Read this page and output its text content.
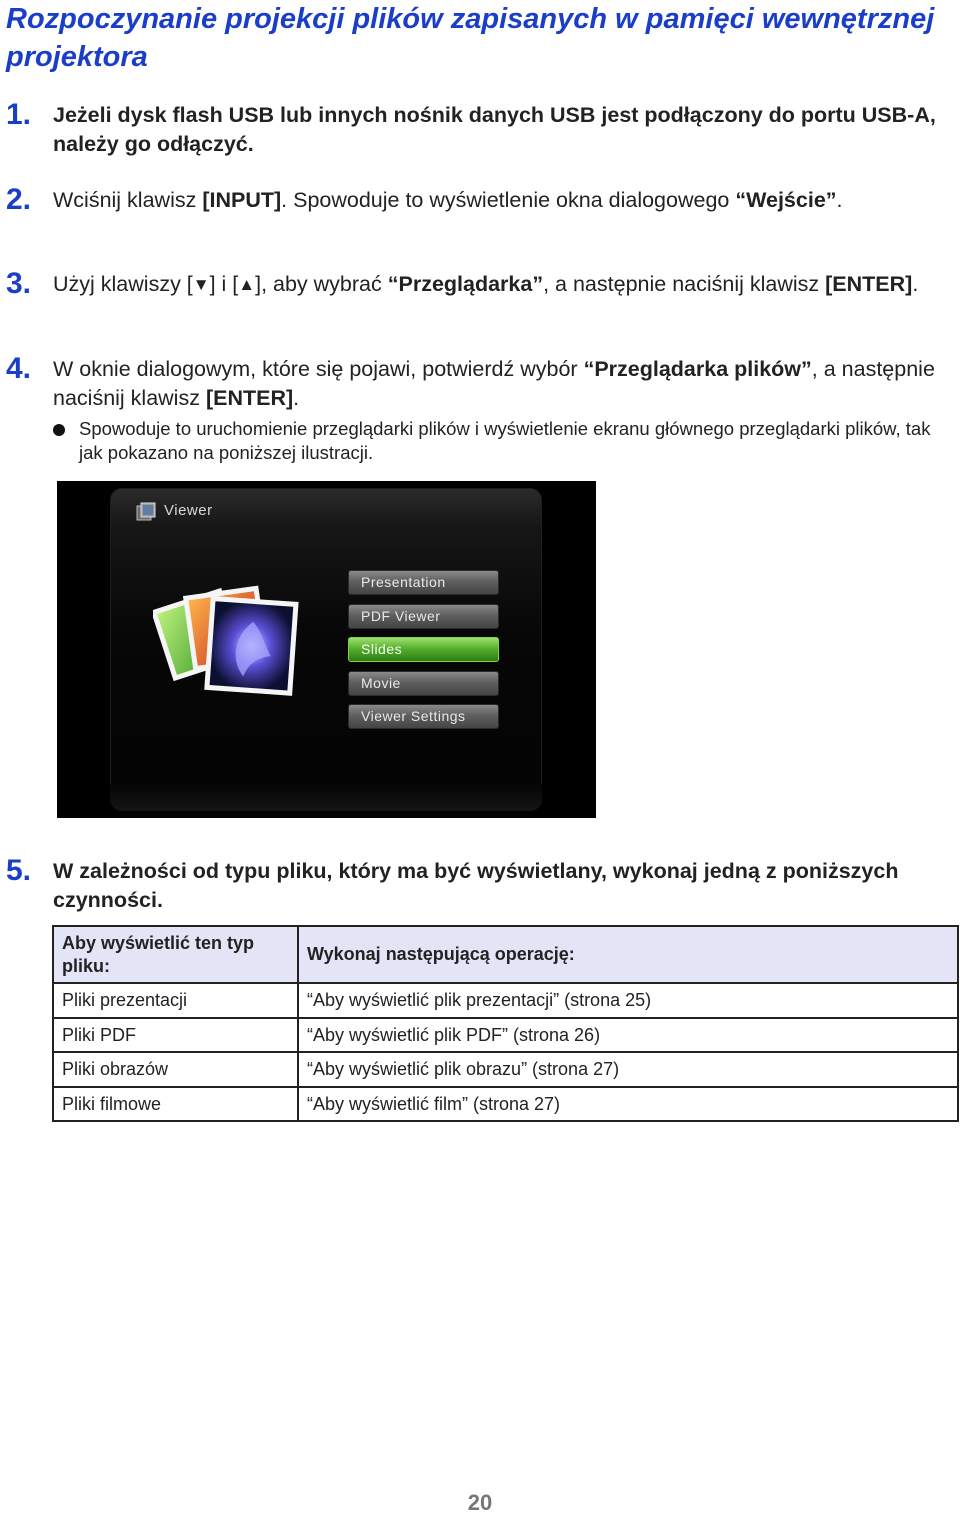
Rozpoczynanie projekcji plików zapisanych w pamięci wewnętrznej projektora
1. Jeżeli dysk flash USB lub innych nośnik danych USB jest podłączony do portu USB-A, należy go odłączyć.
2. Wciśnij klawisz [INPUT]. Spowoduje to wyświetlenie okna dialogowego “Wejście”.
3. Użyj klawiszy [▼] i [▲], aby wybrać “Przeglądarka”, a następnie naciśnij klawisz [ENTER].
4. W oknie dialogowym, które się pojawi, potwierdź wybór “Przeglądarka plików”, a następnie naciśnij klawisz [ENTER].
Spowoduje to uruchomienie przeglądarki plików i wyświetlenie ekranu głównego przeglądarki plików, tak jak pokazano na poniższej ilustracji.
Viewer
Presentation
PDF Viewer
Slides
Movie
Viewer Settings
5. W zależności od typu pliku, który ma być wyświetlany, wykonaj jedną z poniższych czynności.
Aby wyświetlić ten typ pliku:	Wykonaj następującą operację:
Pliki prezentacji	“Aby wyświetlić plik prezentacji” (strona 25)
Pliki PDF	“Aby wyświetlić plik PDF” (strona 26)
Pliki obrazów	“Aby wyświetlić plik obrazu” (strona 27)
Pliki filmowe	“Aby wyświetlić film” (strona 27)
20
